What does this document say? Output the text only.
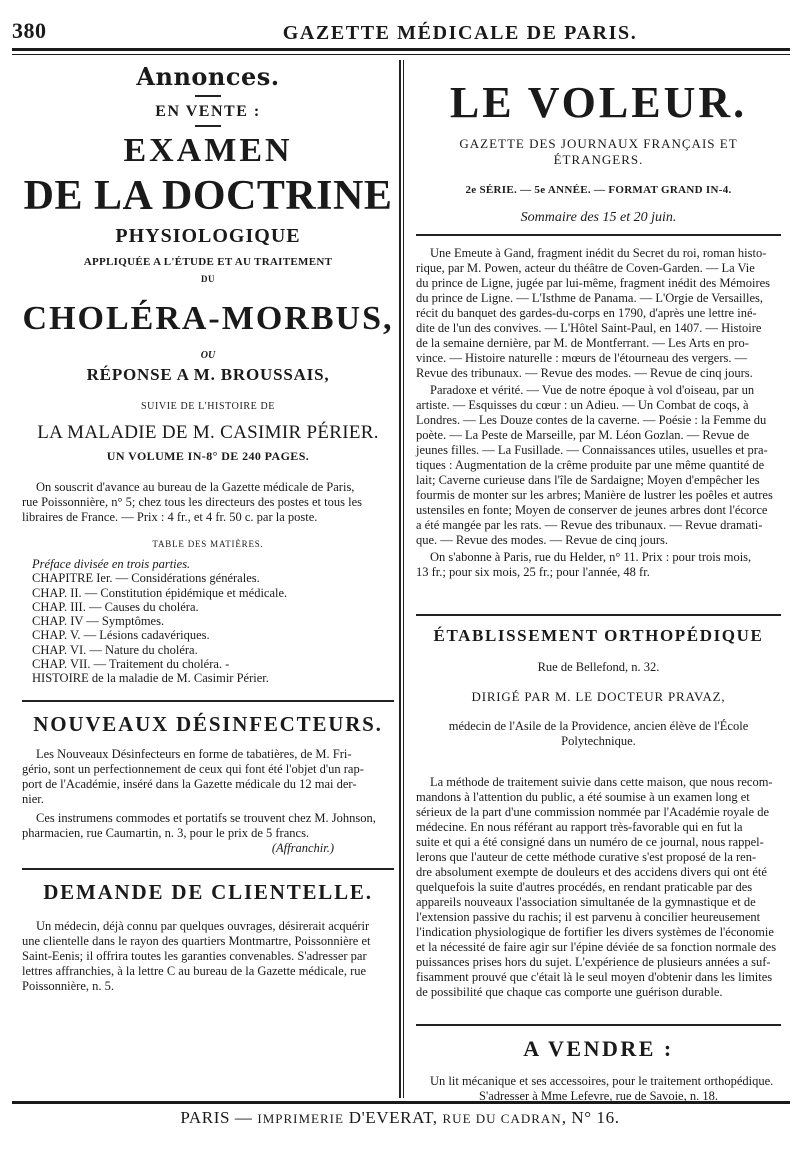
380	GAZETTE MÉDICALE DE PARIS.
Annonces.
EN VENTE :
EXAMEN
DE LA DOCTRINE
PHYSIOLOGIQUE
APPLIQUÉE A L'ÉTUDE ET AU TRAITEMENT
DU
CHOLÉRA-MORBUS,
OU
RÉPONSE A M. BROUSSAIS,
SUIVIE DE L'HISTOIRE DE
LA MALADIE DE M. CASIMIR PÉRIER.
UN VOLUME IN-8° DE 240 PAGES.

On souscrit d'avance au bureau de la Gazette médicale de Paris,

rue Poissonnière, n° 5; chez tous les directeurs des postes et tous les

libraires de France. — Prix : 4 fr., et 4 fr. 50 c. par la poste.

TABLE DES MATIÈRES.
Préface divisée en trois parties.
CHAPITRE Ier. — Considérations générales.
CHAP. II. — Constitution épidémique et médicale.
CHAP. III. — Causes du choléra.
CHAP. IV — Symptômes.
CHAP. V. — Lésions cadavériques.
CHAP. VI. — Nature du choléra.
CHAP. VII. — Traitement du choléra. -
HISTOIRE de la maladie de M. Casimir Périer.
NOUVEAUX DÉSINFECTEURS.

Les Nouveaux Désinfecteurs en forme de tabatières, de M. Fri-

gério, sont un perfectionnement de ceux qui font été l'objet d'un rap-

port de l'Académie, inséré dans la Gazette médicale du 12 mai der-

nier.

Ces instrumens commodes et portatifs se trouvent chez M. Johnson,

pharmacien, rue Caumartin, n. 3, pour le prix de 5 francs.

(Affranchir.)
DEMANDE DE CLIENTELLE.

Un médecin, déjà connu par quelques ouvrages, désirerait acquérir

une clientelle dans le rayon des quartiers Montmartre, Poissonnière et

Saint-Eenis; il offrira toutes les garanties convenables. S'adresser par

lettres affranchies, à la lettre C au bureau de la Gazette médicale, rue

Poissonnière, n. 5.

LE VOLEUR.
GAZETTE DES JOURNAUX FRANÇAIS ET ÉTRANGERS.
2e SÉRIE. — 5e ANNÉE. — FORMAT GRAND IN-4.
Sommaire des 15 et 20 juin.

Une Emeute à Gand, fragment inédit du Secret du roi, roman histo-

rique, par M. Powen, acteur du théâtre de Coven-Garden. — La Vie

du prince de Ligne, jugée par lui-même, fragment inédit des Mémoires

du prince de Ligne. — L'Isthme de Panama. — L'Orgie de Versailles,

récit du banquet des gardes-du-corps en 1790, d'après une lettre iné-

dite de l'un des convives. — L'Hôtel Saint-Paul, en 1407. — Histoire

de la semaine dernière, par M. de Montferrant. — Les Arts en pro-

vince. — Histoire naturelle : mœurs de l'étourneau des vergers. —

Revue des tribunaux. — Revue des modes. — Revue de cinq jours.

Paradoxe et vérité. — Vue de notre époque à vol d'oiseau, par un

artiste. — Esquisses du cœur : un Adieu. — Un Combat de coqs, à

Londres. — Les Douze contes de la caverne. — Poésie : la Femme du

poète. — La Peste de Marseille, par M. Léon Gozlan. — Revue de

jeunes filles. — La Fusillade. — Connaissances utiles, usuelles et pra-

tiques : Augmentation de la crême produite par une même quantité de

lait; Caverne curieuse dans l'île de Sardaigne; Moyen d'empêcher les

fourmis de monter sur les arbres; Manière de lustrer les poêles et autres

ustensiles en fonte; Moyen de conserver de jeunes arbres dont l'écorce

a été mangée par les rats. — Revue des tribunaux. — Revue dramati-

que. — Revue des modes. — Revue de cinq jours.

On s'abonne à Paris, rue du Helder, n° 11. Prix : pour trois mois,

13 fr.; pour six mois, 25 fr.; pour l'année, 48 fr.

ÉTABLISSEMENT ORTHOPÉDIQUE
Rue de Bellefond, n. 32.
DIRIGÉ PAR M. LE DOCTEUR PRAVAZ,
médecin de l'Asile de la Providence, ancien élève de l'École
Polytechnique.

La méthode de traitement suivie dans cette maison, que nous recom-

mandons à l'attention du public, a été soumise à un examen long et

sérieux de la part d'une commission nommée par l'Académie royale de

médecine. En nous référant au rapport très-favorable qui en fut la

suite et qui a été consigné dans un numéro de ce journal, nous rappel-

lerons que l'auteur de cette méthode curative s'est proposé de la ren-

dre absolument exempte de douleurs et des accidens divers qui ont été

quelquefois la suite d'autres procédés, en rendant praticable par des

appareils nouveaux l'association simultanée de la gymnastique et de

l'extension passive du rachis; il est parvenu à concilier heureusement

l'indication physiologique de fortifier les divers systèmes de l'économie

et la nécessité de faire agir sur l'épine déviée de sa fonction normale des

puissances prises hors du sujet. L'expérience de plusieurs années a suf-

fisamment prouvé que c'était là le seul moyen d'obtenir dans les limites

de possibilité que chaque cas comporte une guérison durable.

A VENDRE :

Un lit mécanique et ses accessoires, pour le traitement orthopédique.

S'adresser à Mme Lefevre, rue de Savoie, n. 18.

PARIS — IMPRIMERIE D'EVERAT, RUE DU CADRAN, N° 16.
